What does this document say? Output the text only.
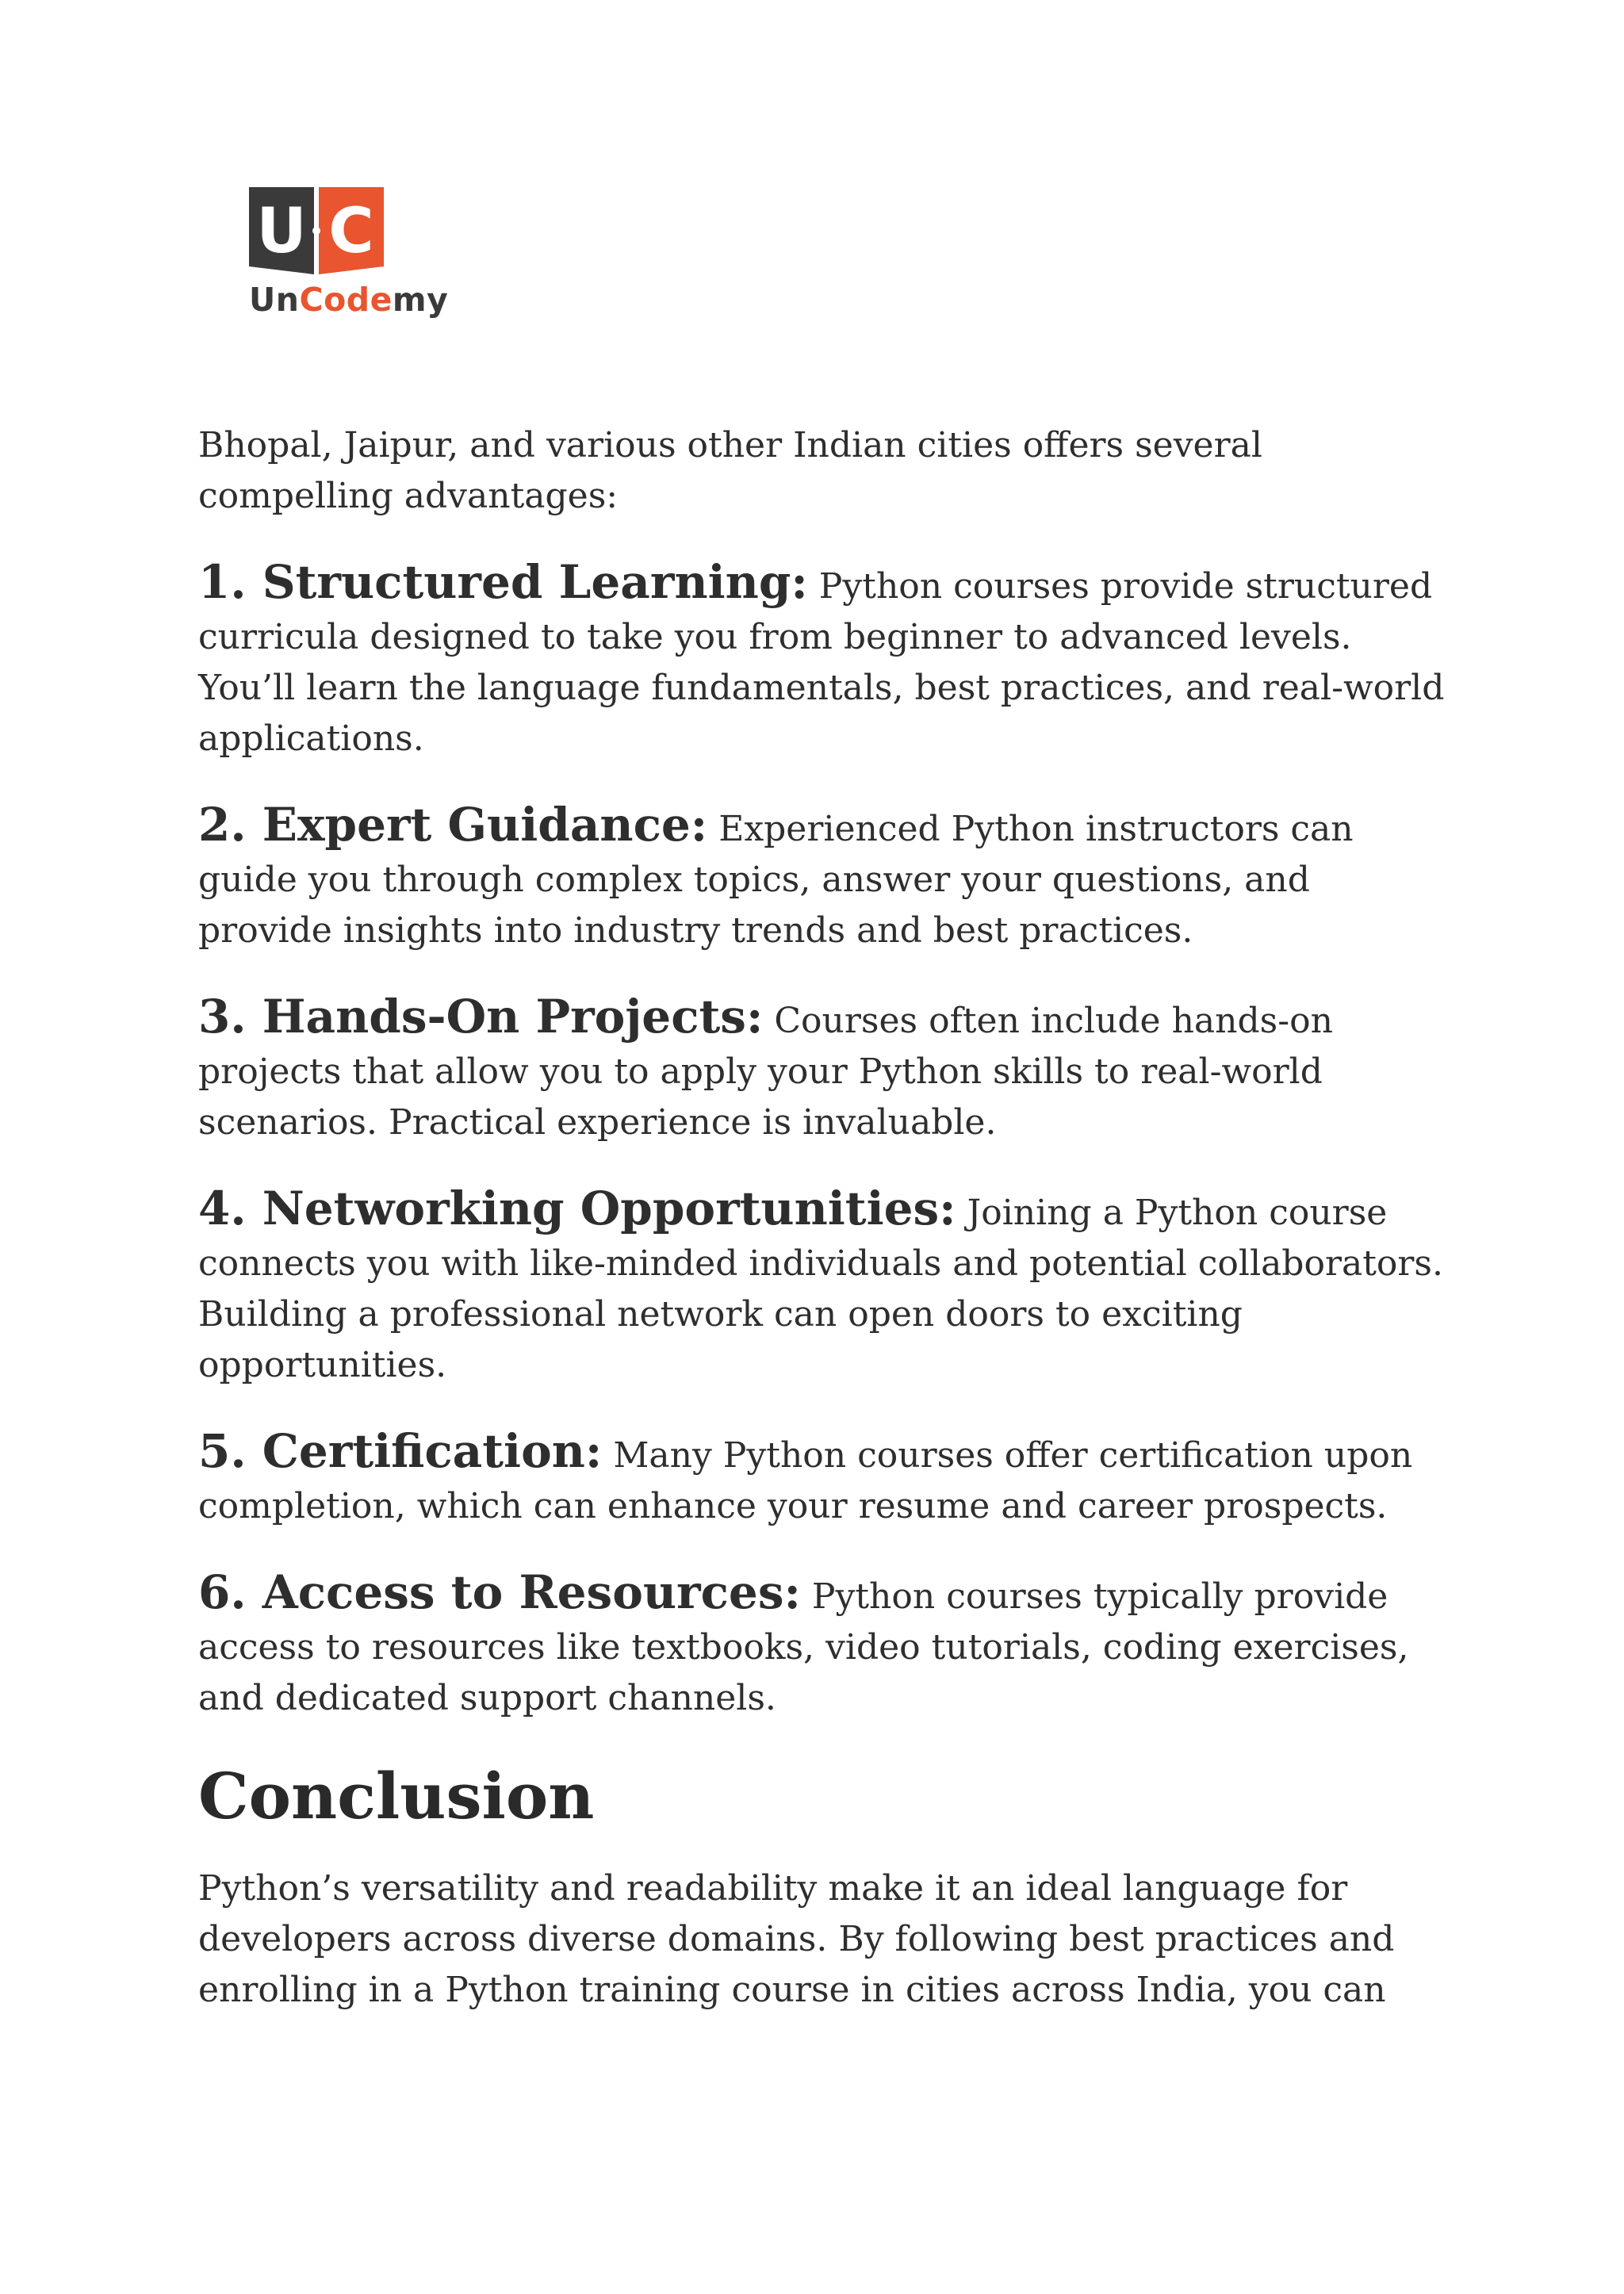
U C
UnCodemy

Bhopal, Jaipur, and various other Indian cities offers several compelling advantages:

1. Structured Learning: Python courses provide structured curricula designed to take you from beginner to advanced levels. You’ll learn the language fundamentals, best practices, and real-world applications.

2. Expert Guidance: Experienced Python instructors can guide you through complex topics, answer your questions, and provide insights into industry trends and best practices.

3. Hands-On Projects: Courses often include hands-on projects that allow you to apply your Python skills to real-world scenarios. Practical experience is invaluable.

4. Networking Opportunities: Joining a Python course connects you with like-minded individuals and potential collaborators. Building a professional network can open doors to exciting opportunities.

5. Certification: Many Python courses offer certification upon completion, which can enhance your resume and career prospects.

6. Access to Resources: Python courses typically provide access to resources like textbooks, video tutorials, coding exercises, and dedicated support channels.

Conclusion

Python’s versatility and readability make it an ideal language for developers across diverse domains. By following best practices and enrolling in a Python training course in cities across India, you can
